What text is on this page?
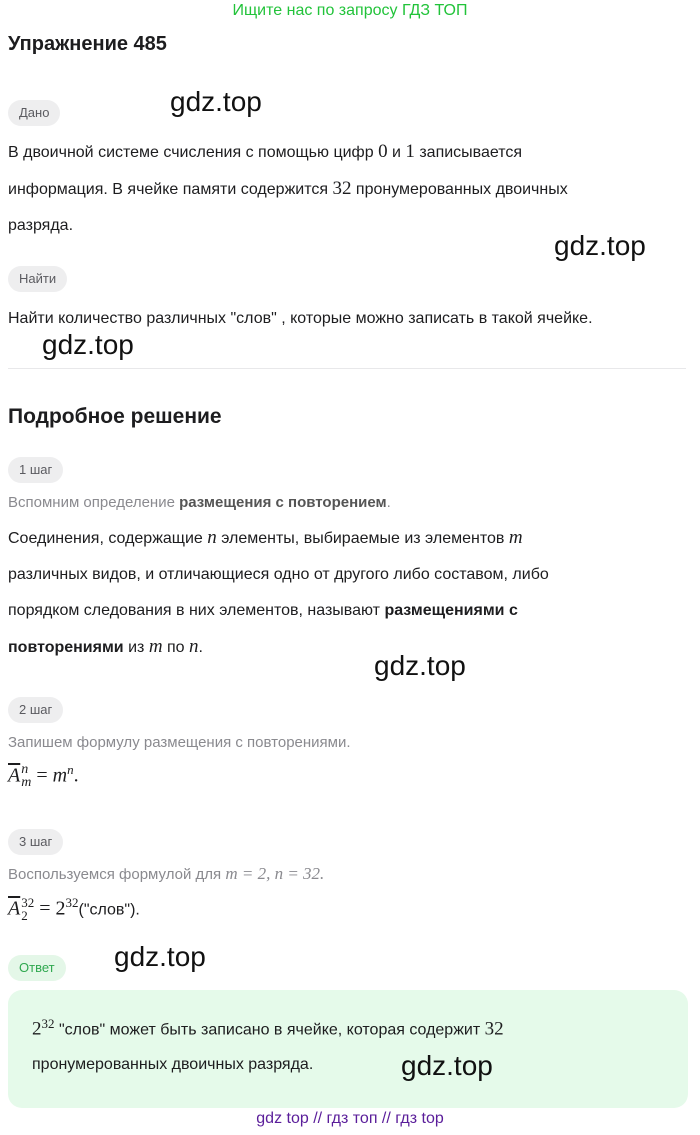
Ищите нас по запросу ГДЗ ТОП
Упражнение 485
Дано	gdz.top
В двоичной системе счисления с помощью цифр 0 и 1 записывается
информация. В ячейке памяти содержится 32 пронумерованных двоичных
разряда.
gdz.top
Найти
Найти количество различных "слов" , которые можно записать в такой ячейке.
gdz.top
Подробное решение
1 шаг
Вспомним определение размещения с повторением.
Соединения, содержащие n элементы, выбираемые из элементов m
различных видов, и отличающиеся одно от другого либо составом, либо
порядком следования в них элементов, называют размещениями с
повторениями из m по n.
gdz.top
2 шаг
Запишем формулу размещения с повторениями.
$\overline{A}$ n
$m = m^n$.
3 шаг
Воспользуемся формулой для m = 2, n = 32.
$\overline{A}$ 32
$2 = 2^{32}("слов")$.
Ответ	gdz.top
$2^{32}$ "слов" может быть записано в ячейке, которая содержит 32
пронумерованных двоичных разряда.	gdz.top
gdz top // гдз топ // гдз top
